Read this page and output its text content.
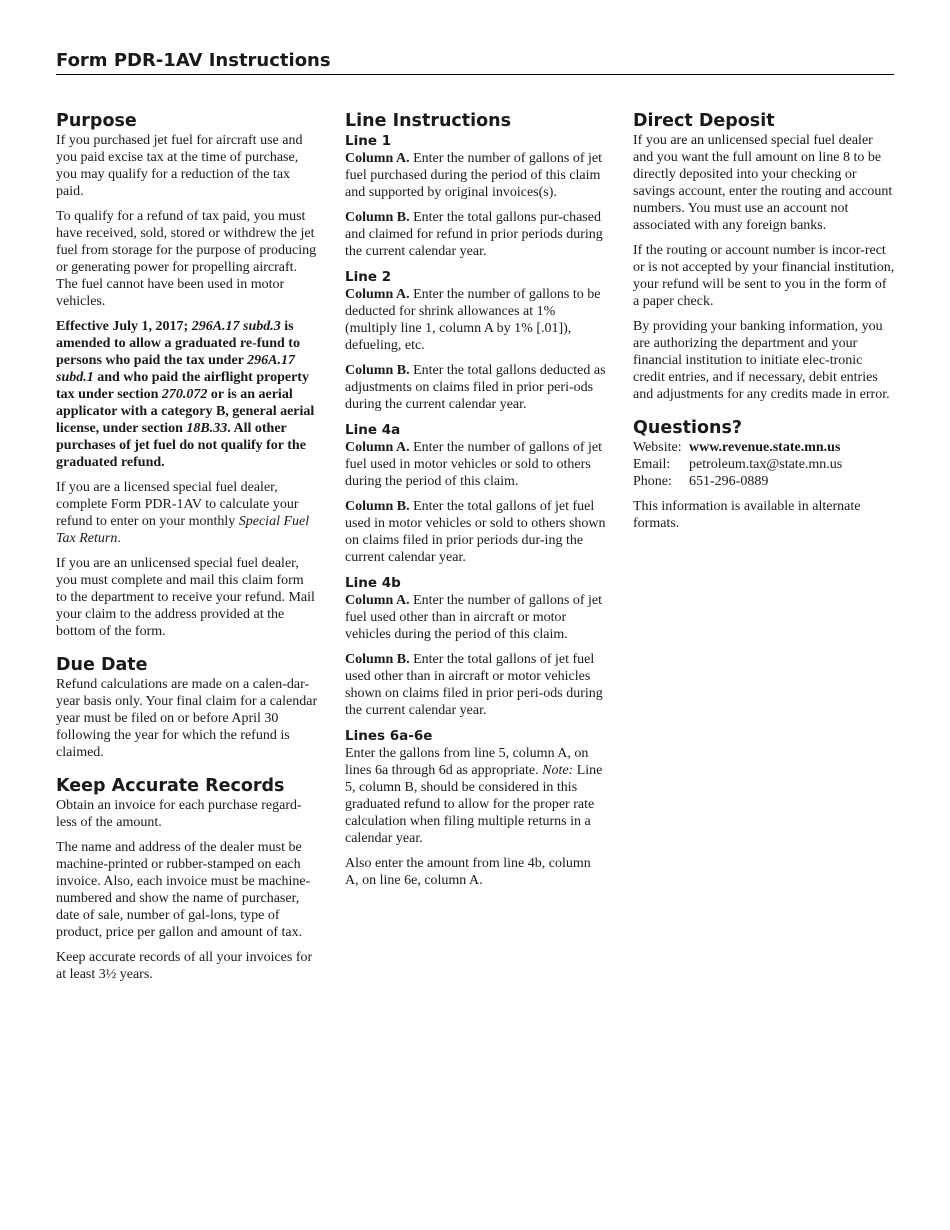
Form PDR-1AV Instructions
Purpose

If you purchased jet fuel for aircraft use and you paid excise tax at the time of purchase, you may qualify for a reduction of the tax paid.

To qualify for a refund of tax paid, you must have received, sold, stored or withdrew the jet fuel from storage for the purpose of producing or generating power for propelling aircraft. The fuel cannot have been used in motor vehicles.

Effective July 1, 2017; 296A.17 subd.3 is amended to allow a graduated re-fund to persons who paid the tax under 296A.17 subd.1 and who paid the airflight property tax under section 270.072 or is an aerial applicator with a category B, general aerial license, under section 18B.33. All other purchases of jet fuel do not qualify for the graduated refund.

If you are a licensed special fuel dealer, complete Form PDR-1AV to calculate your refund to enter on your monthly Special Fuel Tax Return.

If you are an unlicensed special fuel dealer, you must complete and mail this claim form to the department to receive your refund. Mail your claim to the address provided at the bottom of the form.

Due Date

Refund calculations are made on a calen-dar-year basis only. Your final claim for a calendar year must be filed on or before April 30 following the year for which the refund is claimed.

Keep Accurate Records

Obtain an invoice for each purchase regard-less of the amount.

The name and address of the dealer must be machine-printed or rubber-stamped on each invoice. Also, each invoice must be machine-numbered and show the name of purchaser, date of sale, number of gal-lons, type of product, price per gallon and amount of tax.

Keep accurate records of all your invoices for at least 3½ years.

Line Instructions
Line 1

Column A. Enter the number of gallons of jet fuel purchased during the period of this claim and supported by original invoices(s).

Column B. Enter the total gallons pur-chased and claimed for refund in prior periods during the current calendar year.

Line 2

Column A. Enter the number of gallons to be deducted for shrink allowances at 1% (multiply line 1, column A by 1% [.01]), defueling, etc.

Column B. Enter the total gallons deducted as adjustments on claims filed in prior peri-ods during the current calendar year.

Line 4a

Column A. Enter the number of gallons of jet fuel used in motor vehicles or sold to others during the period of this claim.

Column B. Enter the total gallons of jet fuel used in motor vehicles or sold to others shown on claims filed in prior periods dur-ing the current calendar year.

Line 4b

Column A. Enter the number of gallons of jet fuel used other than in aircraft or motor vehicles during the period of this claim.

Column B. Enter the total gallons of jet fuel used other than in aircraft or motor vehicles shown on claims filed in prior peri-ods during the current calendar year.

Lines 6a-6e

Enter the gallons from line 5, column A, on lines 6a through 6d as appropriate. Note: Line 5, column B, should be considered in this graduated refund to allow for the proper rate calculation when filing multiple returns in a calendar year.

Also enter the amount from line 4b, column A, on line 6e, column A.

Direct Deposit

If you are an unlicensed special fuel dealer and you want the full amount on line 8 to be directly deposited into your checking or savings account, enter the routing and account numbers. You must use an account not associated with any foreign banks.

If the routing or account number is incor-rect or is not accepted by your financial institution, your refund will be sent to you in the form of a paper check.

By providing your banking information, you are authorizing the department and your financial institution to initiate elec-tronic credit entries, and if necessary, debit entries and adjustments for any credits made in error.

Questions?
Website: www.revenue.state.mn.us
Email:	petroleum.tax@state.mn.us
Phone:	651-296-0889

This information is available in alternate formats.
